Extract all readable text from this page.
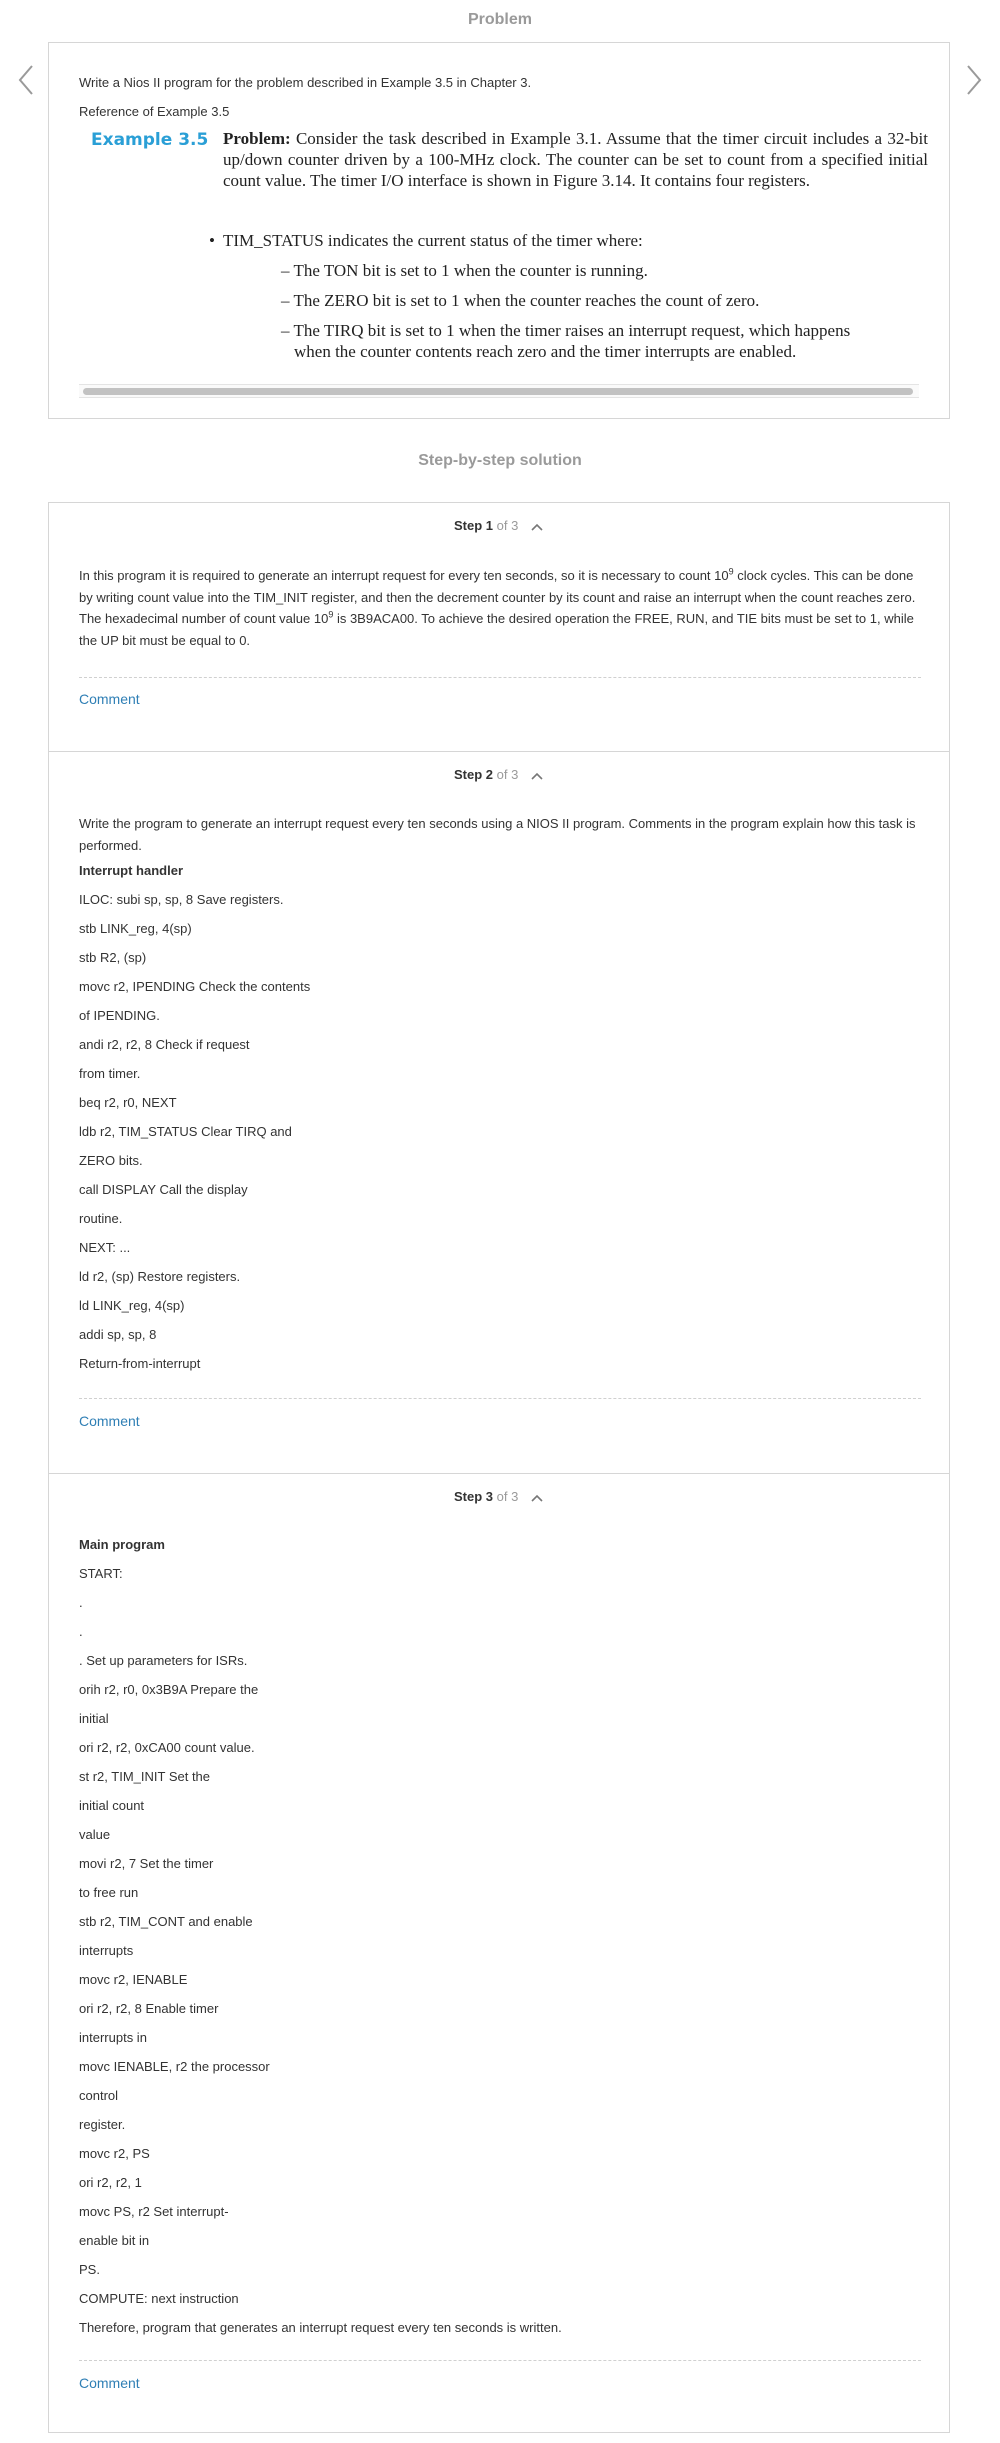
Problem
Write a Nios II program for the problem described in Example 3.5 in Chapter 3.
Reference of Example 3.5
Example 3.5 Problem: Consider the task described in Example 3.1. Assume that the timer circuit includes a 32-bit up/down counter driven by a 100-MHz clock. The counter can be set to count from a specified initial count value. The timer I/O interface is shown in Figure 3.14. It contains four registers.
• TIM_STATUS indicates the current status of the timer where:
– The TON bit is set to 1 when the counter is running.
– The ZERO bit is set to 1 when the counter reaches the count of zero.
– The TIRQ bit is set to 1 when the timer raises an interrupt request, which happens
when the counter contents reach zero and the timer interrupts are enabled.
Step-by-step solution
Step 1 of 3
In this program it is required to generate an interrupt request for every ten seconds, so it is necessary to count $10^9$ clock cycles. This can be done by writing count value into the TIM_INIT register, and then the decrement counter by its count and raise an interrupt when the count reaches zero. The hexadecimal number of count value $10^9$ is 3B9ACA00. To achieve the desired operation the FREE, RUN, and TIE bits must be set to 1, while the UP bit must be equal to 0.
Comment
Step 2 of 3
Write the program to generate an interrupt request every ten seconds using a NIOS II program. Comments in the program explain how this task is performed.
Interrupt handler
ILOC: subi sp, sp, 8 Save registers.
stb LINK_reg, 4(sp)
stb R2, (sp)
movc r2, IPENDING Check the contents
of IPENDING.
andi r2, r2, 8 Check if request
from timer.
beq r2, r0, NEXT
ldb r2, TIM_STATUS Clear TIRQ and
ZERO bits.
call DISPLAY Call the display
routine.
NEXT: ...
ld r2, (sp) Restore registers.
ld LINK_reg, 4(sp)
addi sp, sp, 8
Return-from-interrupt
Comment
Step 3 of 3
Main program
START:
.
.
. Set up parameters for ISRs.
orih r2, r0, 0x3B9A Prepare the
initial
ori r2, r2, 0xCA00 count value.
st r2, TIM_INIT Set the
initial count
value
movi r2, 7 Set the timer
to free run
stb r2, TIM_CONT and enable
interrupts
movc r2, IENABLE
ori r2, r2, 8 Enable timer
interrupts in
movc IENABLE, r2 the processor
control
register.
movc r2, PS
ori r2, r2, 1
movc PS, r2 Set interrupt-
enable bit in
PS.
COMPUTE: next instruction
Therefore, program that generates an interrupt request every ten seconds is written.
Comment
